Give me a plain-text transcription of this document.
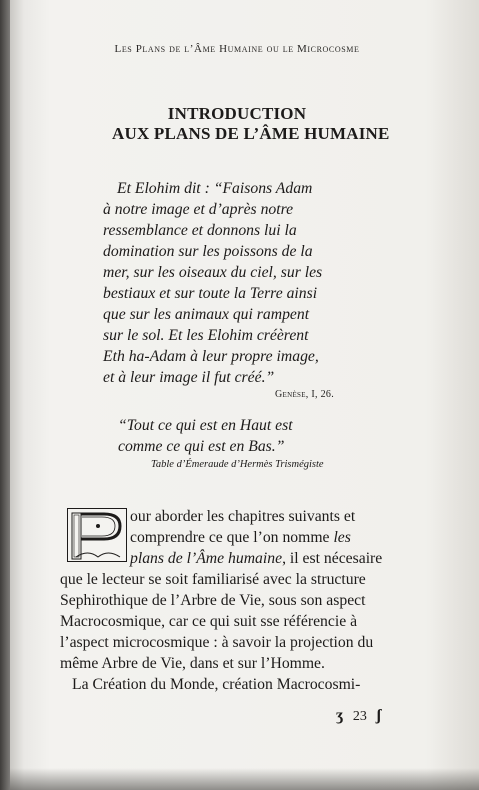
Les Plans de l’Âme Humaine ou le Microcosme
INTRODUCTION
AUX PLANS DE L’ÂME HUMAINE
Et Elohim dit : “Faisons Adam
à notre image et d’après notre
ressemblance et donnons lui la
domination sur les poissons de la
mer, sur les oiseaux du ciel, sur les
bestiaux et sur toute la Terre ainsi
que sur les animaux qui rampent
sur le sol. Et les Elohim créèrent
Eth ha-Adam à leur propre image,
et à leur image il fut créé.”
Genèse, I, 26.
“Tout ce qui est en Haut est
comme ce qui est en Bas.”
Table d’Émeraude d’Hermès Trismégiste
our aborder les chapitres suivants et
comprendre ce que l’on nomme les
plans de l’Âme humaine, il est nécesaire
que le lecteur se soit familiarisé avec la structure
Sephirothique de l’Arbre de Vie, sous son aspect
Macrocosmique, car ce qui suit sse référencie à
l’aspect microcosmique : à savoir la projection du
même Arbre de Vie, dans et sur l’Homme.
La Création du Monde, création Macrocosmi-
ʒ 23 ʃ
